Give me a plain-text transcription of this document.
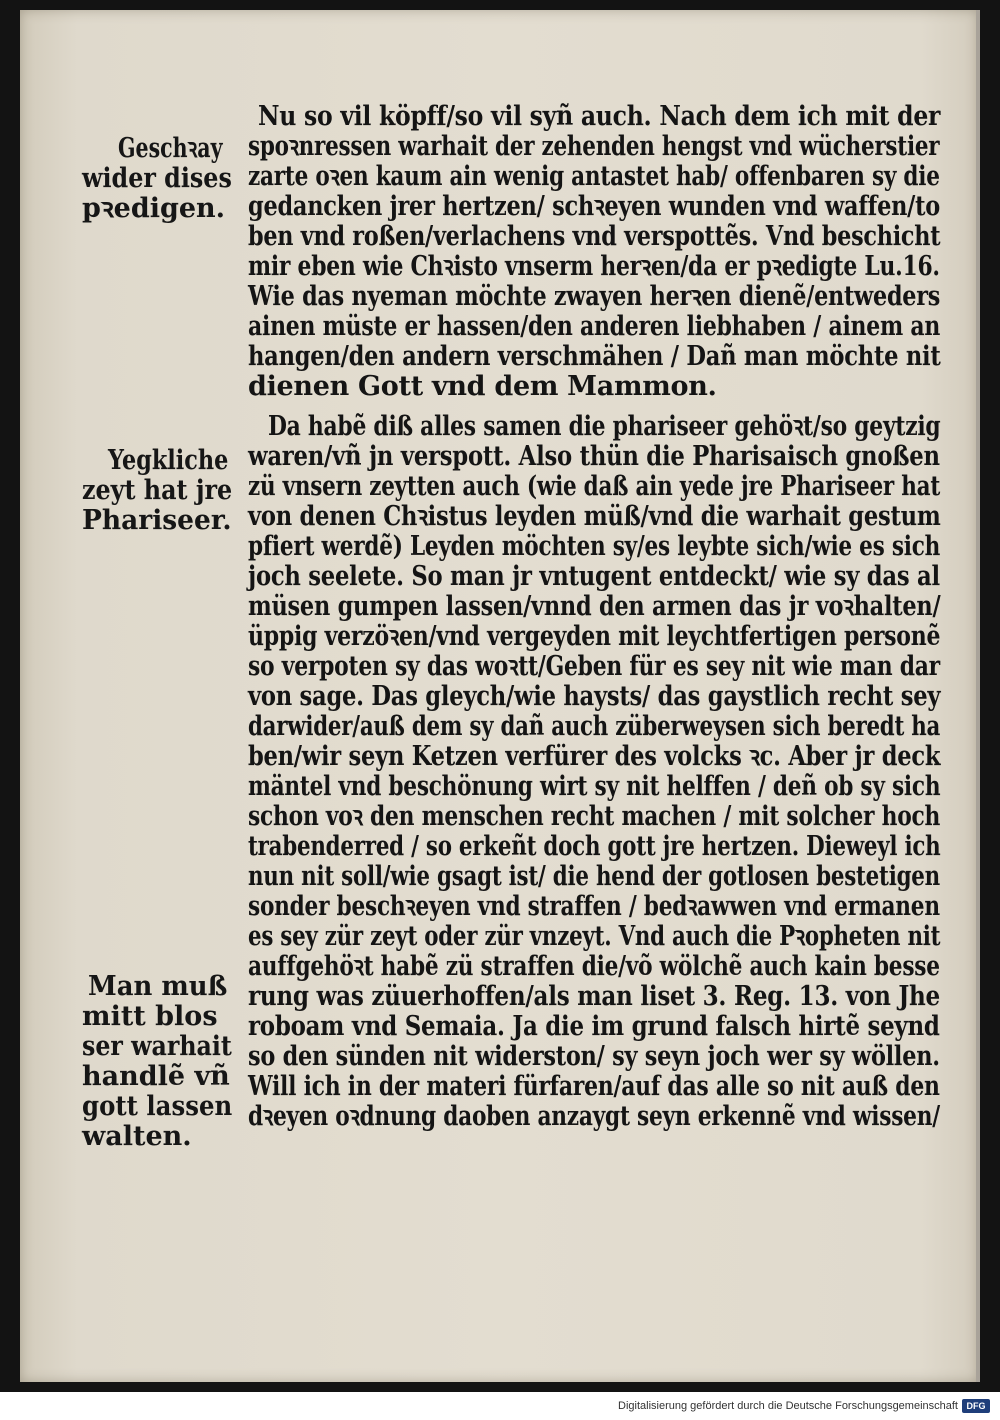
Nu so vil köpff/so vil syñ auch. Nach dem ich mit der
spoꝛnressen warhait der zehenden hengst vnd wücherstier
zarte oꝛen kaum ain wenig antastet hab/ offenbaren sy die
gedancken jrer hertzen/ schꝛeyen wunden vnd waffen/to
ben vnd roßen/verlachens vnd verspottẽs. Vnd beschicht
mir eben wie Chꝛisto vnserm herꝛen/da er pꝛedigte Lu.16.
Wie das nyeman möchte zwayen herꝛen dienẽ/entweders
ainen müste er hassen/den anderen liebhaben / ainem an
hangen/den andern verschmähen / Dañ man möchte nit
dienen Gott vnd dem Mammon.
Da habẽ diß alles samen die phariseer gehöꝛt/so geytzig
waren/vñ jn verspott. Also thün die Pharisaisch gnoßen
zü vnsern zeytten auch (wie daß ain yede jre Phariseer hat
von denen Chꝛistus leyden müß/vnd die warhait gestum
pfiert werdẽ) Leyden möchten sy/es leybte sich/wie es sich
joch seelete. So man jr vntugent entdeckt/ wie sy das al
müsen gumpen lassen/vnnd den armen das jr voꝛhalten/
üppig verzöꝛen/vnd vergeyden mit leychtfertigen personẽ
so verpoten sy das woꝛtt/Geben für es sey nit wie man dar
von sage. Das gleych/wie haysts/ das gaystlich recht sey
darwider/auß dem sy dañ auch züberweysen sich beredt ha
ben/wir seyn Ketzen verfürer des volcks ꝛc. Aber jr deck
mäntel vnd beschönung wirt sy nit helffen / deñ ob sy sich
schon voꝛ den menschen recht machen / mit solcher hoch
trabenderred / so erkeñt doch gott jre hertzen. Dieweyl ich
nun nit soll/wie gsagt ist/ die hend der gotlosen bestetigen
sonder beschꝛeyen vnd straffen / bedꝛawwen vnd ermanen
es sey zür zeyt oder zür vnzeyt. Vnd auch die Pꝛopheten nit
auffgehöꝛt habẽ zü straffen die/võ wölchẽ auch kain besse
rung was züuerhoffen/als man liset 3. Reg. 13. von Jhe
roboam vnd Semaia. Ja die im grund falsch hirtẽ seynd
so den sünden nit widerston/ sy seyn joch wer sy wöllen.
Will ich in der materi fürfaren/auf das alle so nit auß den
dꝛeyen oꝛdnung daoben anzaygt seyn erkennẽ vnd wissen/
Geschꝛay
wider dises
pꝛedigen.
Yegkliche
zeyt hat jre
Phariseer.
Man muß
mitt blos
ser warhait
handlẽ vñ
gott lassen
walten.
Digitalisierung gefördert durch die Deutsche Forschungsgemeinschaft DFG
